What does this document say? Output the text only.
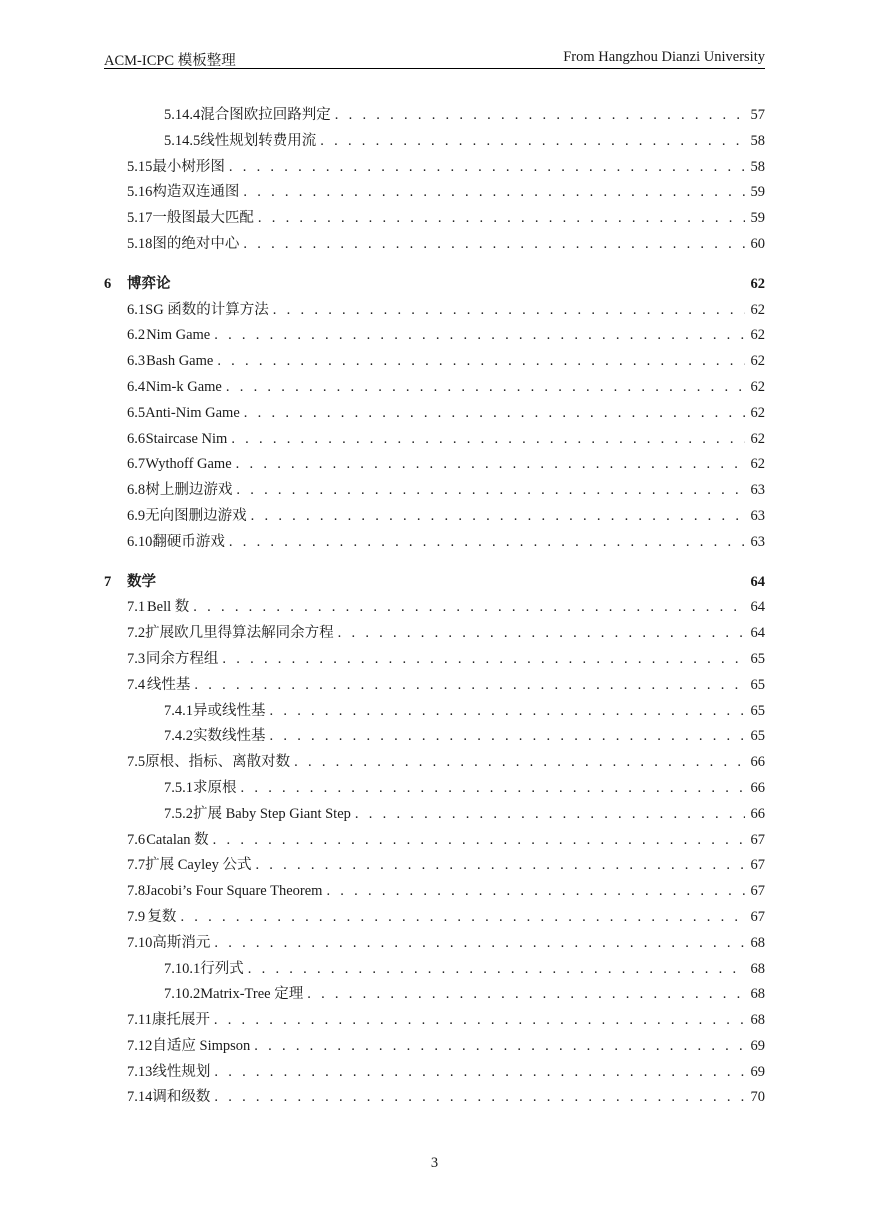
ACM-ICPC 模板整理	From Hangzhou Dianzi University
5.14.4 混合图欧拉回路判定 . . .	57
5.14.5 线性规划转费用流 . . .	58
5.15 最小树形图 . . .	58
5.16 构造双连通图 . . .	59
5.17 一般图最大匹配 . . .	59
5.18 图的绝对中心 . . .	60
6	博弈论	62
6.1 SG 函数的计算方法 . . .	62
6.2 Nim Game . . .	62
6.3 Bash Game . . .	62
6.4 Nim-k Game . . .	62
6.5 Anti-Nim Game . . .	62
6.6 Staircase Nim . . .	62
6.7 Wythoff Game . . .	62
6.8 树上删边游戏 . . .	63
6.9 无向图删边游戏 . . .	63
6.10 翻硬币游戏 . . .	63
7	数学	64
7.1 Bell 数 . . .	64
7.2 扩展欧几里得算法解同余方程 . . .	64
7.3 同余方程组 . . .	65
7.4 线性基 . . .	65
7.4.1 异或线性基 . . .	65
7.4.2 实数线性基 . . .	65
7.5 原根、指标、离散对数 . . .	66
7.5.1 求原根 . . .	66
7.5.2 扩展 Baby Step Giant Step . . .	66
7.6 Catalan 数 . . .	67
7.7 扩展 Cayley 公式 . . .	67
7.8 Jacobi’s Four Square Theorem . . .	67
7.9 复数 . . .	67
7.10 高斯消元 . . .	68
7.10.1 行列式 . . .	68
7.10.2 Matrix-Tree 定理 . . .	68
7.11 康托展开 . . .	68
7.12 自适应 Simpson . . .	69
7.13 线性规划 . . .	69
7.14 调和级数 . . .	70
3
